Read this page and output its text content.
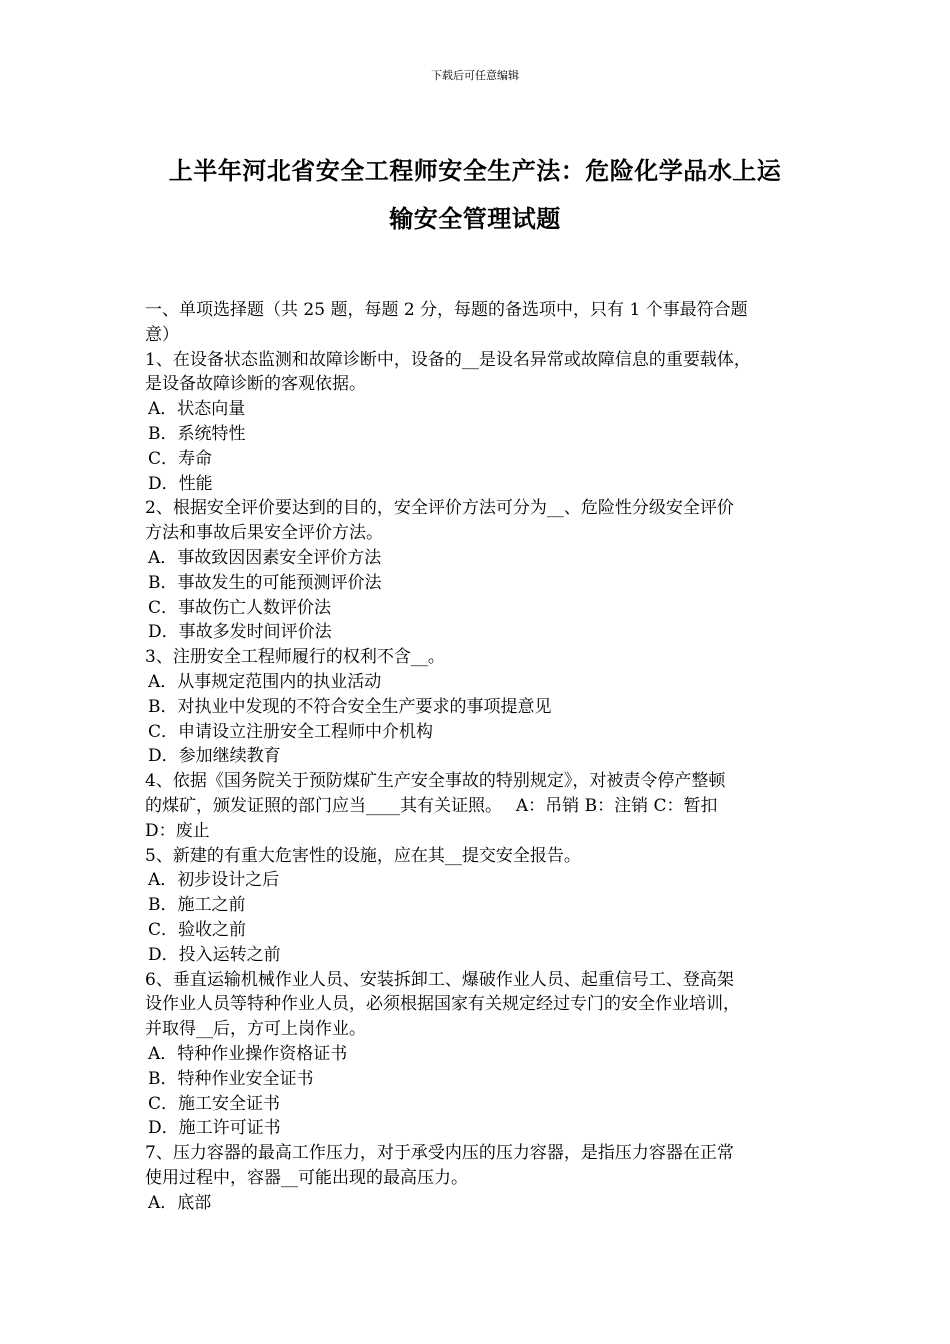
下载后可任意编辑
上半年河北省安全工程师安全生产法：危险化学品水上运
输安全管理试题
一、单项选择题（共 25 题，每题 2 分，每题的备选项中，只有 1 个事最符合题
意）
1、在设备状态监测和故障诊断中，设备的__是设名异常或故障信息的重要载体，
是设备故障诊断的客观依据。
A．状态向量
B．系统特性
C．寿命
D．性能
2、根据安全评价要达到的目的，安全评价方法可分为__、危险性分级安全评价
方法和事故后果安全评价方法。
A．事故致因因素安全评价方法
B．事故发生的可能预测评价法
C．事故伤亡人数评价法
D．事故多发时间评价法
3、注册安全工程师履行的权利不含__。
A．从事规定范围内的执业活动
B．对执业中发现的不符合安全生产要求的事项提意见
C．申请设立注册安全工程师中介机构
D．参加继续教育
4、依据《国务院关于预防煤矿生产安全事故的特别规定》，对被责令停产整顿
的煤矿，颁发证照的部门应当____其有关证照。　 A：吊销 B：注销 C：暂扣
D：废止
5、新建的有重大危害性的设施，应在其__提交安全报告。
A．初步设计之后
B．施工之前
C．验收之前
D．投入运转之前
6、垂直运输机械作业人员、安装拆卸工、爆破作业人员、起重信号工、登高架
设作业人员等特种作业人员，必须根据国家有关规定经过专门的安全作业培训，
并取得__后，方可上岗作业。
A．特种作业操作资格证书
B．特种作业安全证书
C．施工安全证书
D．施工许可证书
7、压力容器的最高工作压力，对于承受内压的压力容器，是指压力容器在正常
使用过程中，容器__可能出现的最高压力。
A．底部
